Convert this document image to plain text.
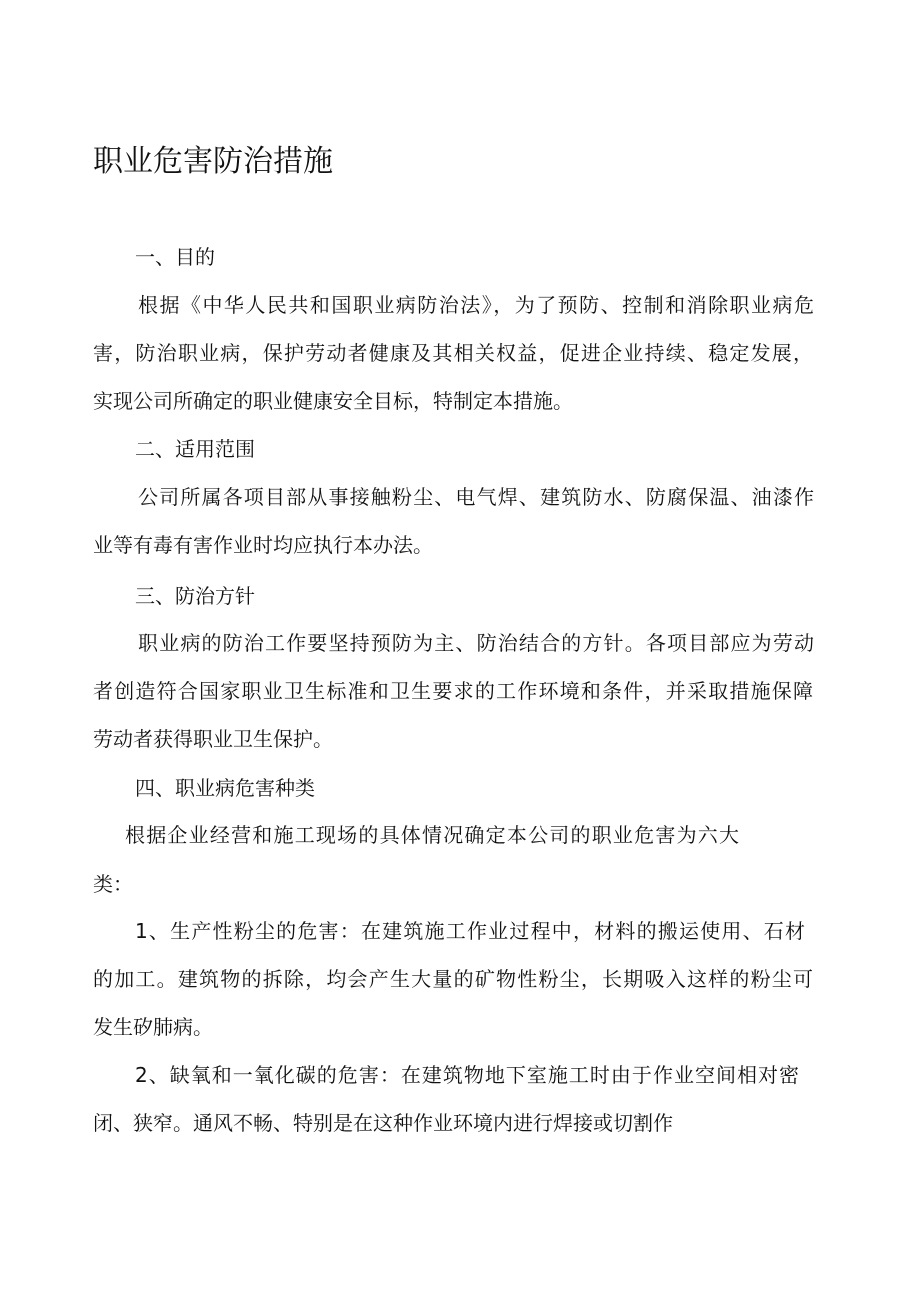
职业危害防治措施
一、目的
根据《中华人民共和国职业病防治法》，为了预防、控制和消除职业病危
害，防治职业病，保护劳动者健康及其相关权益，促进企业持续、稳定发展，
实现公司所确定的职业健康安全目标，特制定本措施。
二、适用范围
公司所属各项目部从事接触粉尘、电气焊、建筑防水、防腐保温、油漆作
业等有毒有害作业时均应执行本办法。
三、防治方针
职业病的防治工作要坚持预防为主、防治结合的方针。各项目部应为劳动
者创造符合国家职业卫生标准和卫生要求的工作环境和条件，并采取措施保障
劳动者获得职业卫生保护。
四、职业病危害种类
根据企业经营和施工现场的具体情况确定本公司的职业危害为六大
类：
1、生产性粉尘的危害：在建筑施工作业过程中，材料的搬运使用、石材
的加工。建筑物的拆除，均会产生大量的矿物性粉尘，长期吸入这样的粉尘可
发生矽肺病。
2、缺氧和一氧化碳的危害：在建筑物地下室施工时由于作业空间相对密
闭、狭窄。通风不畅、特别是在这种作业环境内进行焊接或切割作
